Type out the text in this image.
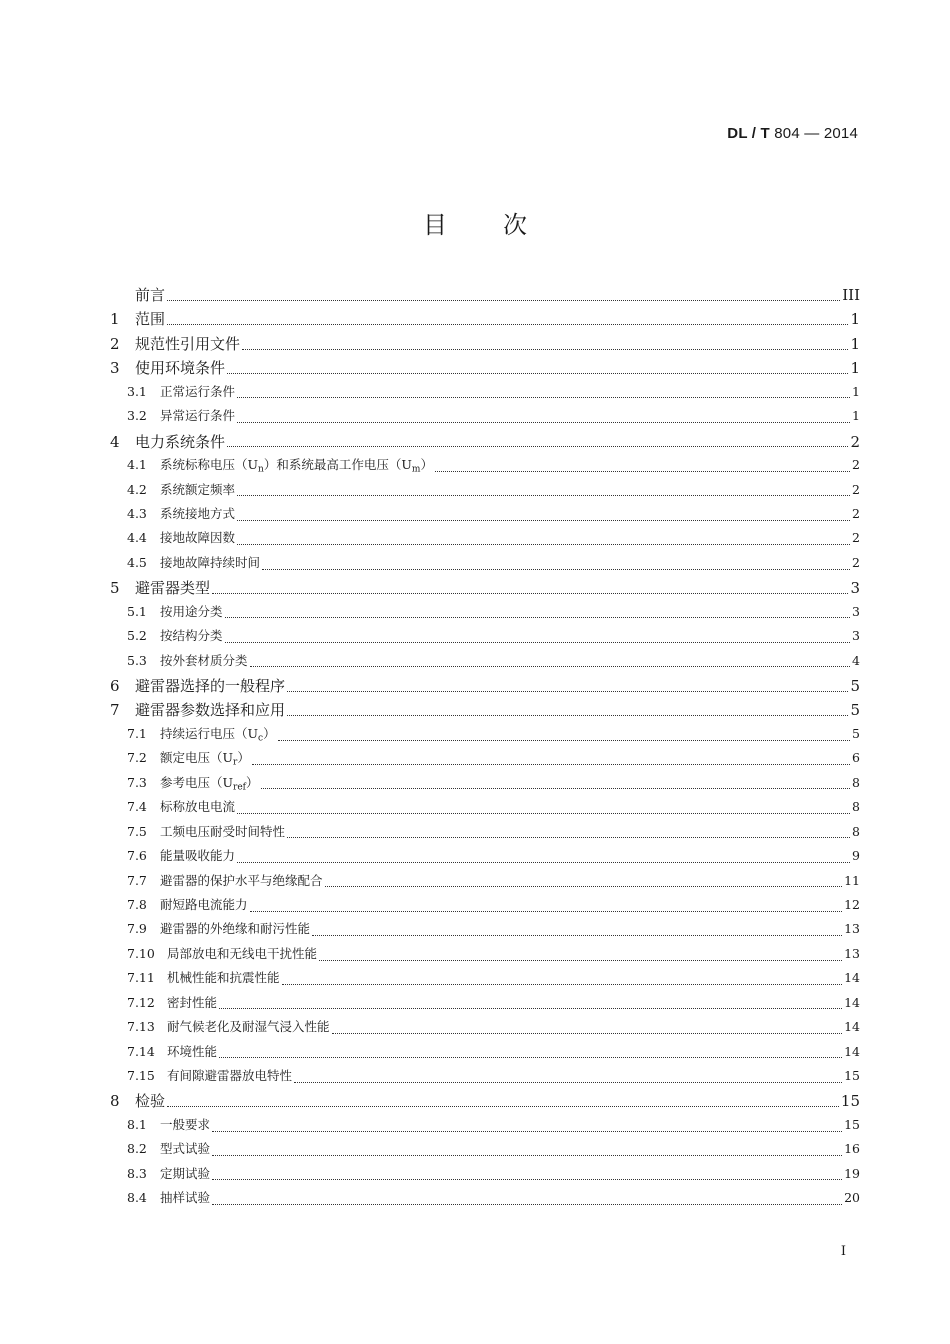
DL / T 804 — 2014
目次
前言	III
1	范围	1
2	规范性引用文件	1
3	使用环境条件	1
3.1	正常运行条件	1
3.2	异常运行条件	1
4	电力系统条件	2
4.1	系统标称电压$(U_n)$和系统最高工作电压$(U_m)$	2
4.2	系统额定频率	2
4.3	系统接地方式	2
4.4	接地故障因数	2
4.5	接地故障持续时间	2
5	避雷器类型	3
5.1	按用途分类	3
5.2	按结构分类	3
5.3	按外套材质分类	4
6	避雷器选择的一般程序	5
7	避雷器参数选择和应用	5
7.1	持续运行电压$(U_c)$	5
7.2	额定电压$(U_r)$	6
7.3	参考电压$(U_{ref})$	8
7.4	标称放电电流	8
7.5	工频电压耐受时间特性	8
7.6	能量吸收能力	9
7.7	避雷器的保护水平与绝缘配合	11
7.8	耐短路电流能力	12
7.9	避雷器的外绝缘和耐污性能	13
7.10 局部放电和无线电干扰性能	13
7.11 机械性能和抗震性能	14
7.12 密封性能	14
7.13 耐气候老化及耐湿气浸入性能	14
7.14 环境性能	14
7.15 有间隙避雷器放电特性	15
8	检验	15
8.1	一般要求	15
8.2	型式试验	16
8.3	定期试验	19
8.4	抽样试验	20
I
